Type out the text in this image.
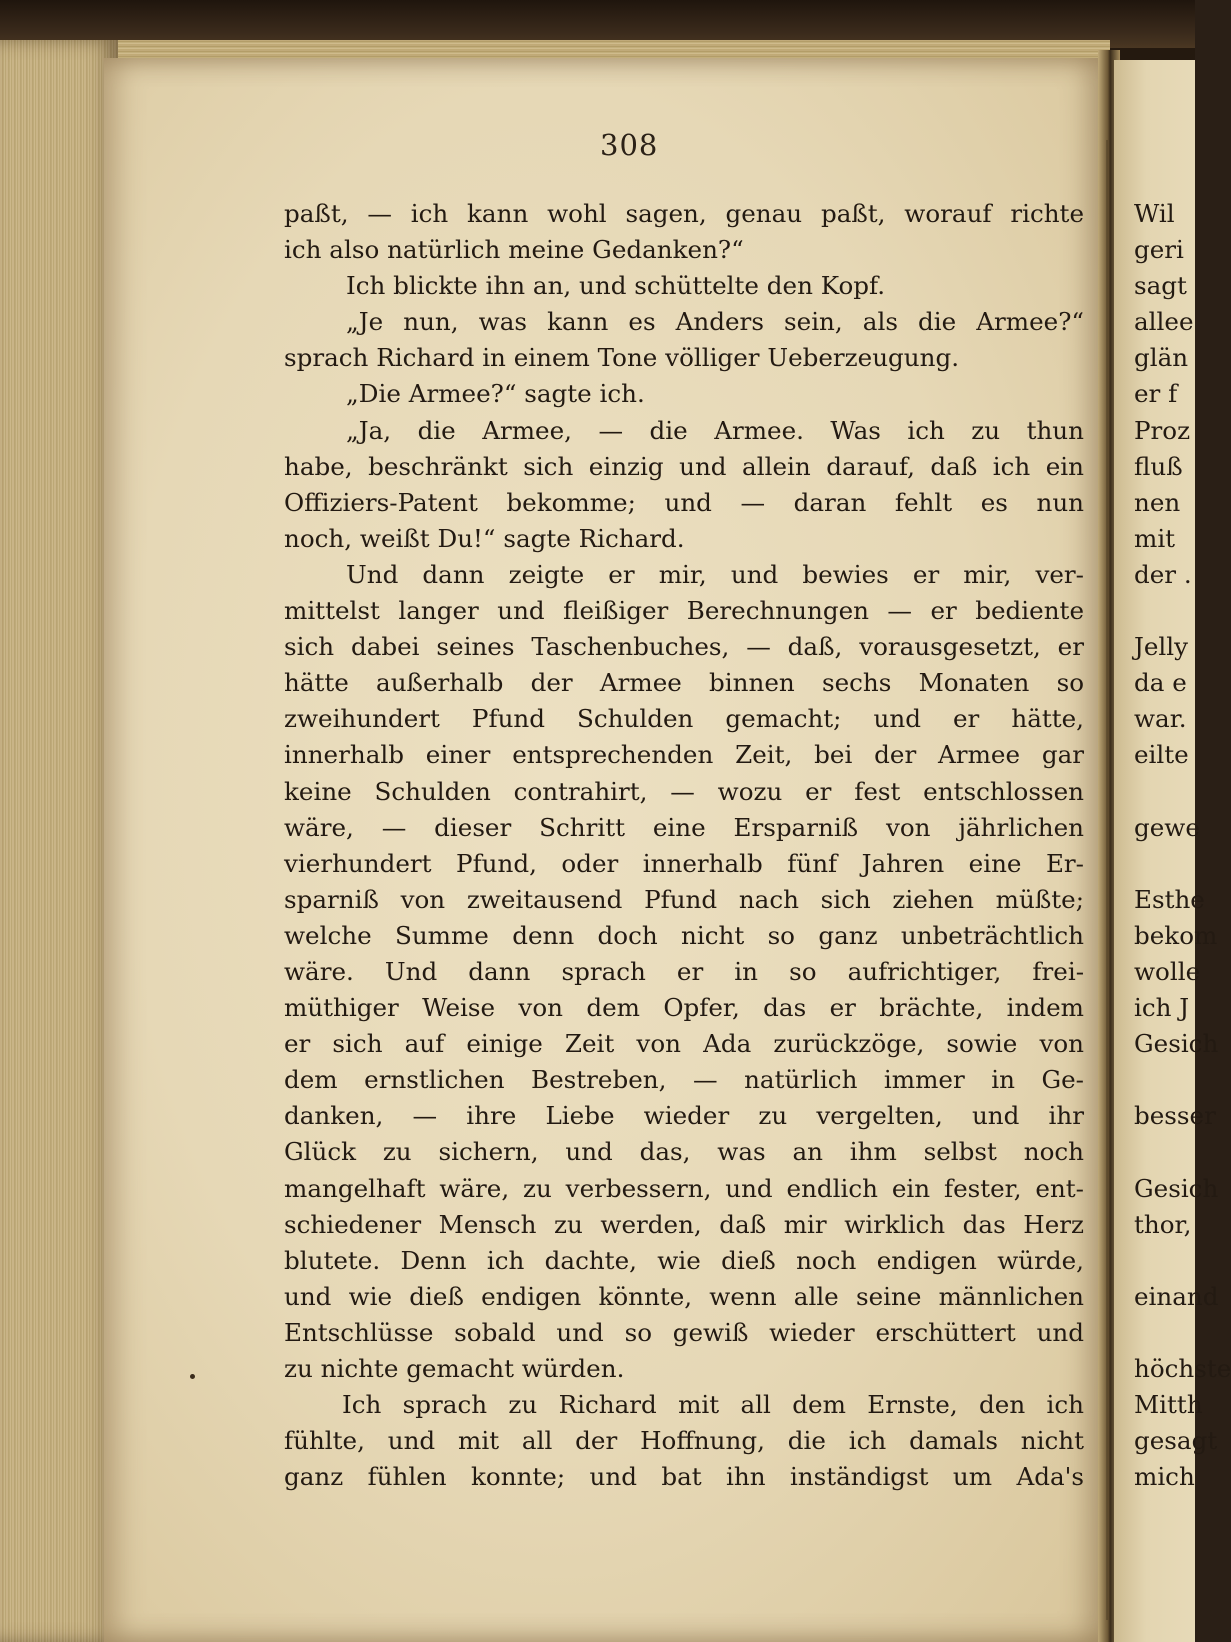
308
paßt, — ich kann wohl sagen, genau paßt, worauf richte
ich also natürlich meine Gedanken?“
Ich blickte ihn an, und schüttelte den Kopf.
„Je nun, was kann es Anders sein, als die Armee?“
sprach Richard in einem Tone völliger Ueberzeugung.
„Die Armee?“ sagte ich.
„Ja, die Armee, — die Armee. Was ich zu thun
habe, beschränkt sich einzig und allein darauf, daß ich ein
Offiziers-Patent bekomme; und — daran fehlt es nun
noch, weißt Du!“ sagte Richard.
Und dann zeigte er mir, und bewies er mir, ver-
mittelst langer und fleißiger Berechnungen — er bediente
sich dabei seines Taschenbuches, — daß, vorausgesetzt, er
hätte außerhalb der Armee binnen sechs Monaten so
zweihundert Pfund Schulden gemacht; und er hätte,
innerhalb einer entsprechenden Zeit, bei der Armee gar
keine Schulden contrahirt, — wozu er fest entschlossen
wäre, — dieser Schritt eine Ersparniß von jährlichen
vierhundert Pfund, oder innerhalb fünf Jahren eine Er-
sparniß von zweitausend Pfund nach sich ziehen müßte;
welche Summe denn doch nicht so ganz unbeträchtlich
wäre. Und dann sprach er in so aufrichtiger, frei-
müthiger Weise von dem Opfer, das er brächte, indem
er sich auf einige Zeit von Ada zurückzöge, sowie von
dem ernstlichen Bestreben, — natürlich immer in Ge-
danken, — ihre Liebe wieder zu vergelten, und ihr
Glück zu sichern, und das, was an ihm selbst noch
mangelhaft wäre, zu verbessern, und endlich ein fester, ent-
schiedener Mensch zu werden, daß mir wirklich das Herz
blutete. Denn ich dachte, wie dieß noch endigen würde,
und wie dieß endigen könnte, wenn alle seine männlichen
Entschlüsse sobald und so gewiß wieder erschüttert und
zu nichte gemacht würden.
Ich sprach zu Richard mit all dem Ernste, den ich
fühlte, und mit all der Hoffnung, die ich damals nicht
ganz fühlen konnte; und bat ihn inständigst um Ada's
Wil
geri
sagt
allee
glän
er f
Proz
fluß
nen
mit
der .
Jelly
da e
war.
eilte
gewe
Esthe
bekom
wolle
ich J
Gesich
besser
Gesich
thor,
einand
höchste
Mitth
gesagt
mich
